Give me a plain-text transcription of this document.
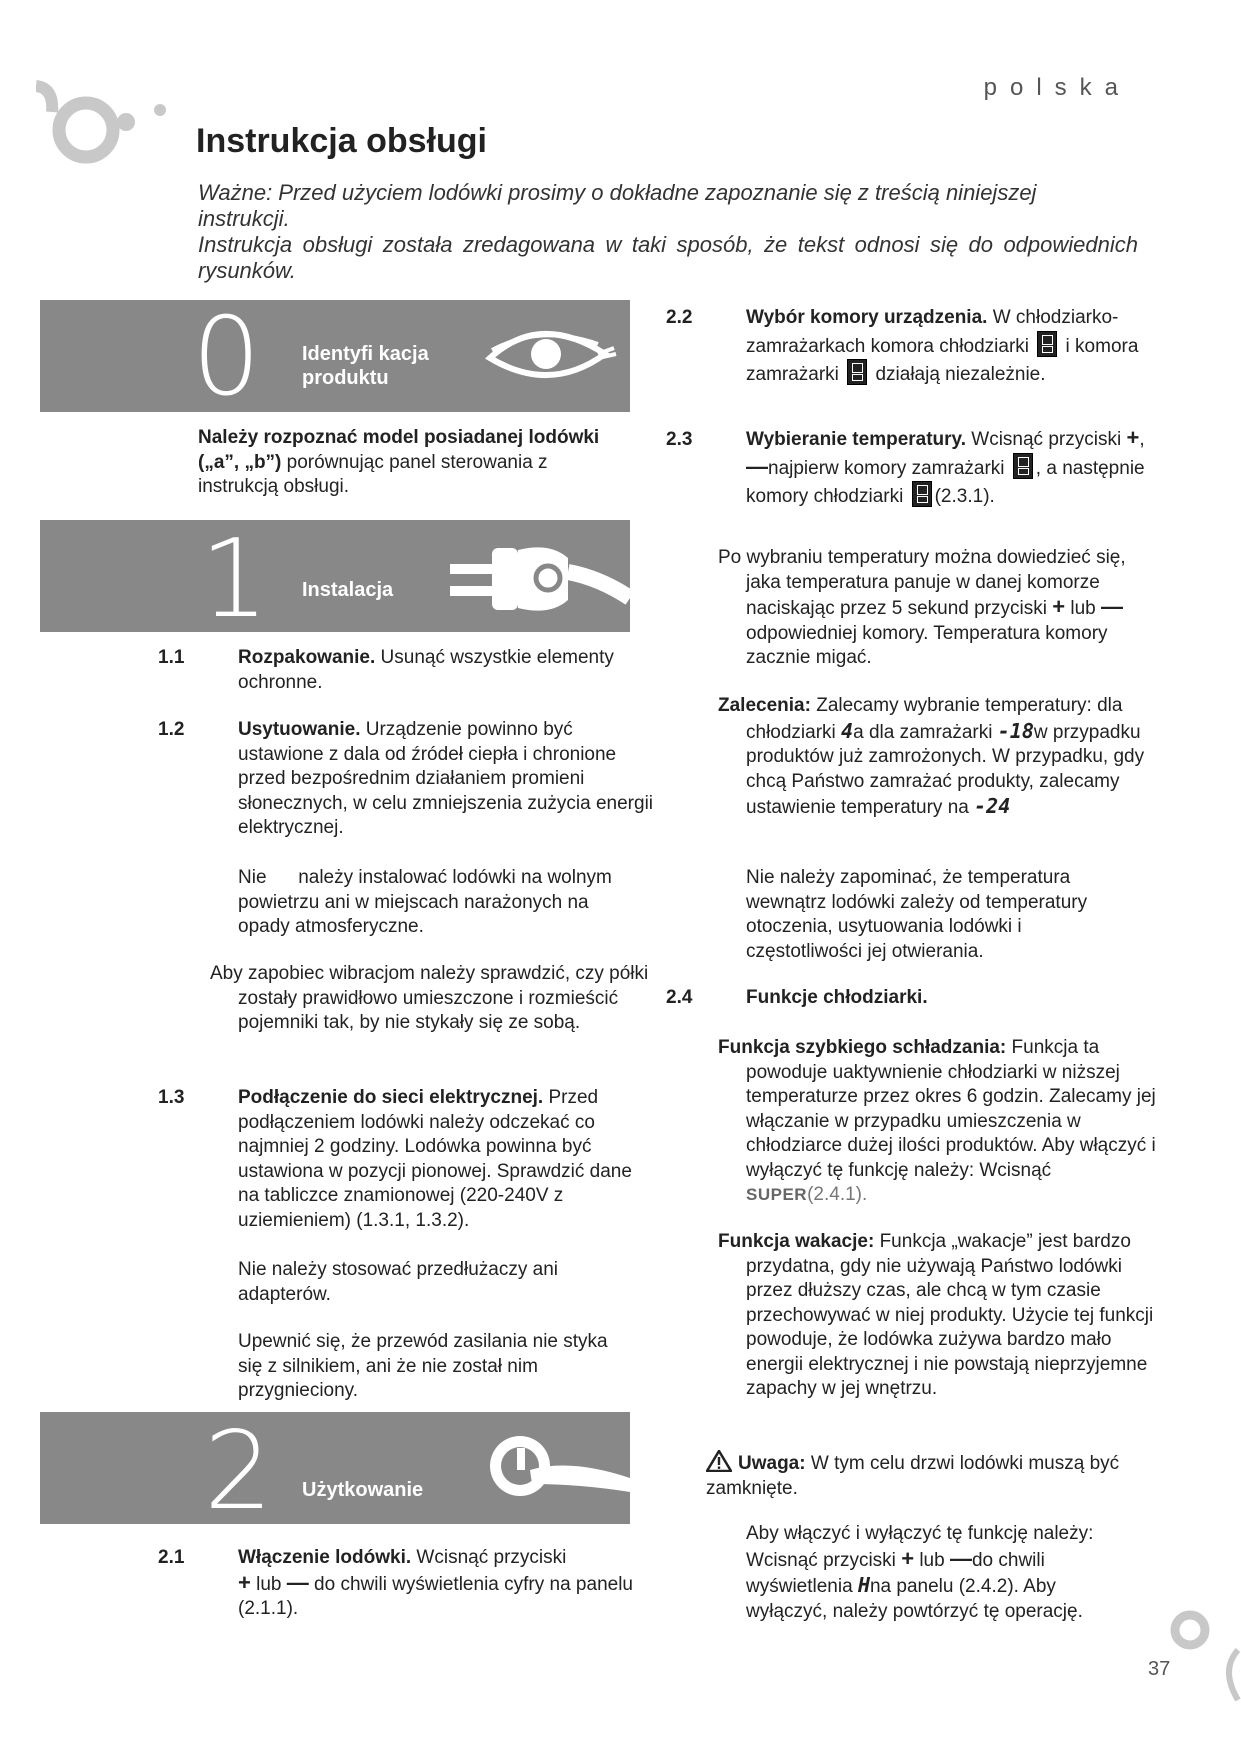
polska
Instrukcja obsługi
Ważne: Przed użyciem lodówki prosimy o dokładne zapoznanie się z treścią niniejszej instrukcji.
Instrukcja obsługi została zredagowana w taki sposób, że tekst odnosi się do odpowiednich rysunków.
0 Identyfi kacja
produktu
Należy rozpoznać model posiadanej lodówki („a”, „b”) porównując panel sterowania z instrukcją obsługi.
1 Instalacja
1.1	Rozpakowanie. Usunąć wszystkie elementy ochronne.
1.2	Usytuowanie. Urządzenie powinno być ustawione z dala od źródeł ciepła i chronione przed bezpośrednim działaniem promieni słonecznych, w celu zmniejszenia zużycia energii elektrycznej.
Nie należy instalować lodówki na wolnym powietrzu ani w miejscach narażonych na opady atmosferyczne.
Aby zapobiec wibracjom należy sprawdzić, czy półki zostały prawidłowo umieszczone i rozmieścić pojemniki tak, by nie stykały się ze sobą.
1.3	Podłączenie do sieci elektrycznej. Przed podłączeniem lodówki należy odczekać co najmniej 2 godziny. Lodówka powinna być ustawiona w pozycji pionowej. Sprawdzić dane na tabliczce znamionowej (220-240V z uziemieniem) (1.3.1, 1.3.2).
Nie należy stosować przedłużaczy ani adapterów.
Upewnić się, że przewód zasilania nie styka się z silnikiem, ani że nie został nim przygnieciony.
2 Użytkowanie
2.1	Włączenie lodówki. Wcisnąć przyciski
+ lub — do chwili wyświetlenia cyfry na panelu (2.1.1).
2.2	Wybór komory urządzenia. W chłodziarko-zamrażarkach komora chłodziarki  i komora zamrażarki  działają niezależnie.
2.3	Wybieranie temperatury. Wcisnąć przyciski +, —najpierw komory zamrażarki , a następnie komory chłodziarki (2.3.1).
Po wybraniu temperatury można dowiedzieć się, jaka temperatura panuje w danej komorze naciskając przez 5 sekund przyciski + lub —odpowiedniej komory. Temperatura komory zacznie migać.
Zalecenia: Zalecamy wybranie temperatury: dla chłodziarki 4a dla zamrażarki -18w przypadku produktów już zamrożonych. W przypadku, gdy chcą Państwo zamrażać produkty, zalecamy ustawienie temperatury na -24
Nie należy zapominać, że temperatura wewnątrz lodówki zależy od temperatury otoczenia, usytuowania lodówki i częstotliwości jej otwierania.
2.4	Funkcje chłodziarki.
Funkcja szybkiego schładzania: Funkcja ta powoduje uaktywnienie chłodziarki w niższej temperaturze przez okres 6 godzin. Zalecamy jej włączanie w przypadku umieszczenia w chłodziarce dużej ilości produktów. Aby włączyć i wyłączyć tę funkcję należy: Wcisnąć SUPER(2.4.1).
Funkcja wakacje: Funkcja „wakacje” jest bardzo przydatna, gdy nie używają Państwo lodówki przez dłuższy czas, ale chcą w tym czasie przechowywać w niej produkty. Użycie tej funkcji powoduje, że lodówka zużywa bardzo mało energii elektrycznej i nie powstają nieprzyjemne zapachy w jej wnętrzu.
Uwaga: W tym celu drzwi lodówki muszą być zamknięte.
Aby włączyć i wyłączyć tę funkcję należy: Wcisnąć przyciski + lub —do chwili wyświetlenia Hna panelu (2.4.2). Aby wyłączyć, należy powtórzyć tę operację.
37
